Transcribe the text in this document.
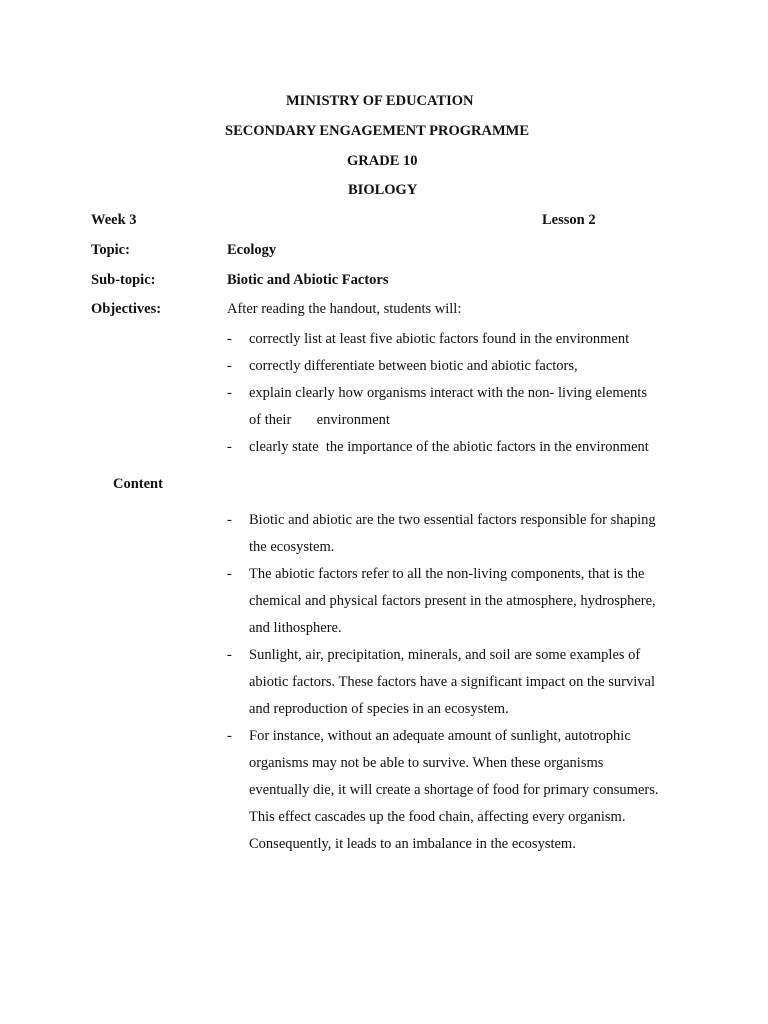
MINISTRY OF EDUCATION
SECONDARY ENGAGEMENT PROGRAMME
GRADE 10
BIOLOGY
Week 3	Lesson 2
Topic:	Ecology
Sub-topic:	Biotic and Abiotic Factors
Objectives:	After reading the handout, students will:
- correctly list at least five abiotic factors found in the environment
- correctly differentiate between biotic and abiotic factors,
- explain clearly how organisms interact with the non- living elements
of their       environment
- clearly state  the importance of the abiotic factors in the environment
Content
- Biotic and abiotic are the two essential factors responsible for shaping
the ecosystem.
- The abiotic factors refer to all the non-living components, that is the
chemical and physical factors present in the atmosphere, hydrosphere,
and lithosphere.
- Sunlight, air, precipitation, minerals, and soil are some examples of
abiotic factors. These factors have a significant impact on the survival
and reproduction of species in an ecosystem.
- For instance, without an adequate amount of sunlight, autotrophic
organisms may not be able to survive. When these organisms
eventually die, it will create a shortage of food for primary consumers.
This effect cascades up the food chain, affecting every organism.
Consequently, it leads to an imbalance in the ecosystem.
